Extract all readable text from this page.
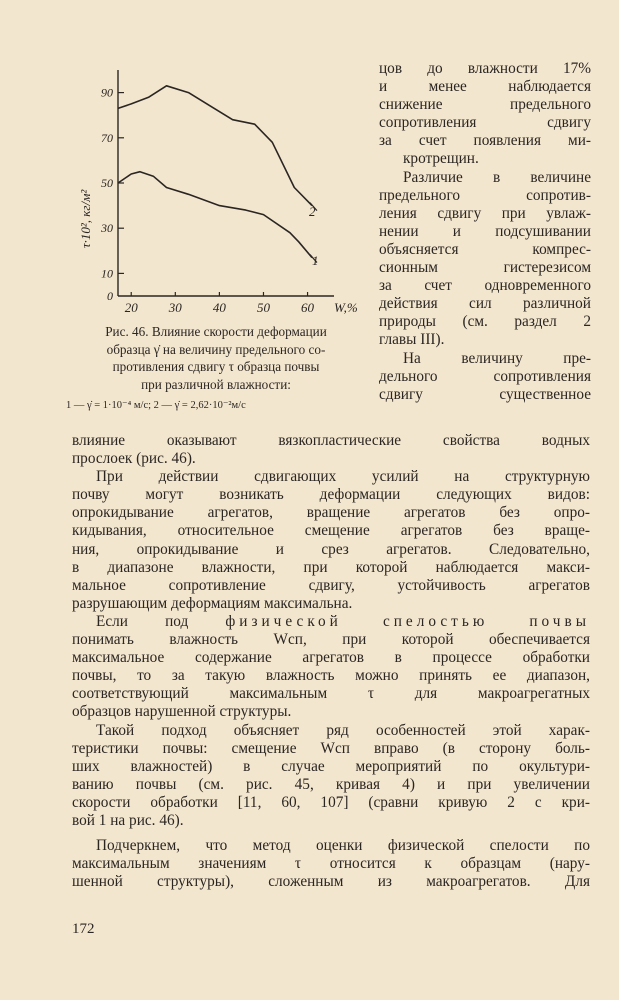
0
10
30
50
70
90
20 30 40 50 60
τ·10², кг/м²
W,%
1
2
Рис. 46. Влияние скорости деформации
образца γ̇ на величину предельного со-
противления сдвигу τ образца почвы
при различной влажности:
1 — γ̇ = 1·10⁻⁴ м/с; 2 — γ̇ = 2,62·10⁻²м/с
цов до влажности 17%
и менее наблюдается
снижение предельного
сопротивления сдвигу
за счет появления ми-
кротрещин.
Различие в величине
предельного сопротив-
ления сдвигу при увлаж-
нении и подсушивании
объясняется компрес-
сионным гистерезисом
за счет одновременного
действия сил различной
природы (см. раздел 2
главы III).
На величину пре-
дельного сопротивления
сдвигу существенное
влияние оказывают вязкопластические свойства водных
прослоек (рис. 46).
При действии сдвигающих усилий на структурную
почву могут возникать деформации следующих видов:
опрокидывание агрегатов, вращение агрегатов без опро-
кидывания, относительное смещение агрегатов без враще-
ния, опрокидывание и срез агрегатов. Следовательно,
в диапазоне влажности, при которой наблюдается макси-
мальное сопротивление сдвигу, устойчивость агрегатов
разрушающим деформациям максимальна.
Если под физической спелостью почвы
понимать влажность Wсп, при которой обеспечивается
максимальное содержание агрегатов в процессе обработки
почвы, то за такую влажность можно принять ее диапазон,
соответствующий максимальным τ для макроагрегатных
образцов нарушенной структуры.
Такой подход объясняет ряд особенностей этой харак-
теристики почвы: смещение Wсп вправо (в сторону боль-
ших влажностей) в случае мероприятий по окультури-
ванию почвы (см. рис. 45, кривая 4) и при увеличении
скорости обработки [11, 60, 107] (сравни кривую 2 с кри-
вой 1 на рис. 46).
Подчеркнем, что метод оценки физической спелости по
максимальным значениям τ относится к образцам (нару-
шенной структуры), сложенным из макроагрегатов. Для
172
